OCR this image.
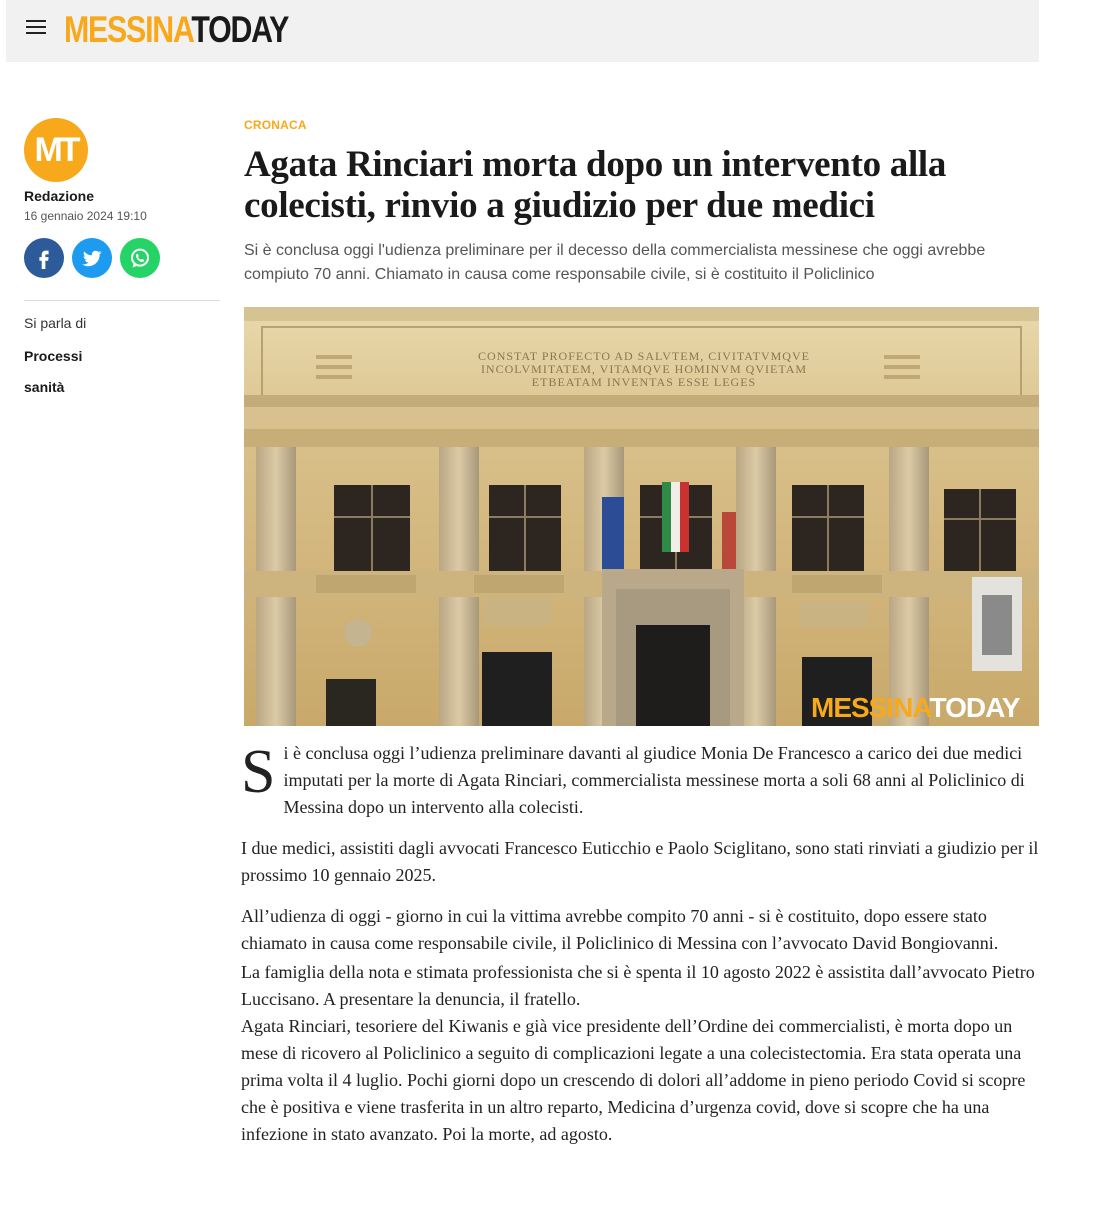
MESSINATODAY
MT
Redazione
16 gennaio 2024 19:10
Si parla di
Processi
sanità
CRONACA
Agata Rinciari morta dopo un intervento alla colecisti, rinvio a giudizio per due medici
Si è conclusa oggi l'udienza preliminare per il decesso della commercialista messinese che oggi avrebbe compiuto 70 anni. Chiamato in causa come responsabile civile, si è costituito il Policlinico
CONSTAT PROFECTO AD SALVTEM, CIVITATVMQVE
INCOLVMITATEM, VITAMQVE HOMINVM QVIETAM
ETBEATAM INVENTAS ESSE LEGES
MESSINATODAY

Si è conclusa oggi l’udienza preliminare davanti al giudice Monia De Francesco a carico dei due medici imputati per la morte di Agata Rinciari, commercialista messinese morta a soli 68 anni al Policlinico di Messina dopo un intervento alla colecisti.

I due medici, assistiti dagli avvocati Francesco Euticchio e Paolo Sciglitano, sono stati rinviati a giudizio per il prossimo 10 gennaio 2025.

All’udienza di oggi - giorno in cui la vittima avrebbe compito 70 anni - si è costituito, dopo essere stato chiamato in causa come responsabile civile, il Policlinico di Messina con l’avvocato David Bongiovanni.

La famiglia della nota e stimata professionista che si è spenta il 10 agosto 2022 è assistita dall’avvocato Pietro Luccisano. A presentare la denuncia, il fratello.

Agata Rinciari, tesoriere del Kiwanis e già vice presidente dell’Ordine dei commercialisti, è morta dopo un mese di ricovero al Policlinico a seguito di complicazioni legate a una colecistectomia. Era stata operata una prima volta il 4 luglio. Pochi giorni dopo un crescendo di dolori all’addome in pieno periodo Covid si scopre che è positiva e viene trasferita in un altro reparto, Medicina d’urgenza covid, dove si scopre che ha una infezione in stato avanzato. Poi la morte, ad agosto.
